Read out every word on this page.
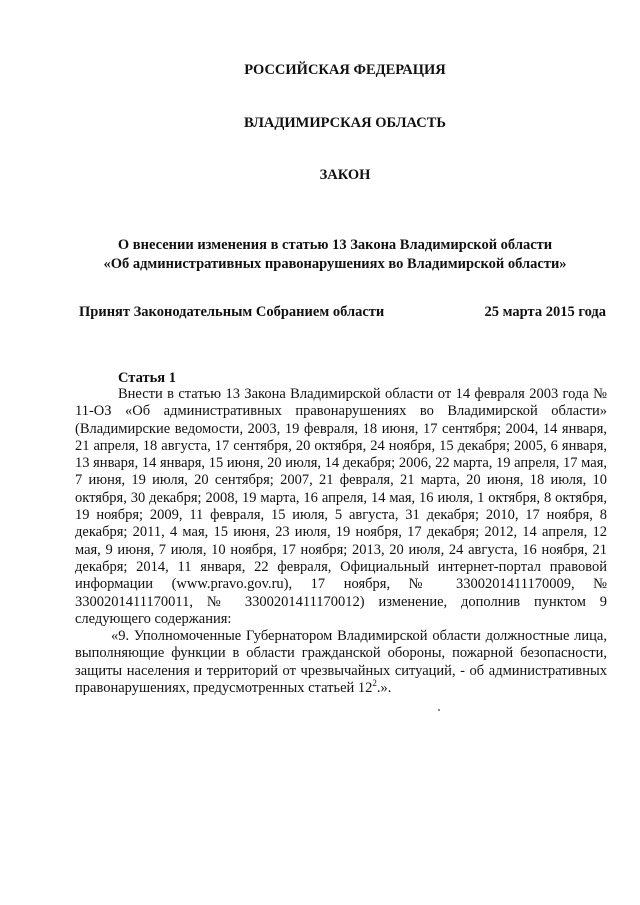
РОССИЙСКАЯ ФЕДЕРАЦИЯ
ВЛАДИМИРСКАЯ ОБЛАСТЬ
ЗАКОН
О внесении изменения в статью 13 Закона Владимирской области
«Об административных правонарушениях во Владимирской области»
Принят Законодательным Собранием области	25 марта 2015 года
Статья 1

Внести в статью 13 Закона Владимирской области от 14 февраля 2003 года № 11-ОЗ «Об административных правонарушениях во Владимирской области» (Владимирские ведомости, 2003, 19 февраля, 18 июня, 17 сентября; 2004, 14 января, 21 апреля, 18 августа, 17 сентября, 20 октября, 24 ноября, 15 декабря; 2005, 6 января, 13 января, 14 января, 15 июня, 20 июля, 14 декабря; 2006, 22 марта, 19 апреля, 17 мая, 7 июня, 19 июля, 20 сентября; 2007, 21 февраля, 21 марта, 20 июня, 18 июля, 10 октября, 30 декабря; 2008, 19 марта, 16 апреля, 14 мая, 16 июля, 1 октября, 8 октября, 19 ноября; 2009, 11 февраля, 15 июля, 5 августа, 31 декабря; 2010, 17 ноября, 8 декабря; 2011, 4 мая, 15 июня, 23 июля, 19 ноября, 17 декабря; 2012, 14 апреля, 12 мая, 9 июня, 7 июля, 10 ноября, 17 ноября; 2013, 20 июля, 24 августа, 16 ноября, 21 декабря; 2014, 11 января, 22 февраля, Официальный интернет-портал правовой информации (www.pravo.gov.ru), 17 ноября, № 3300201411170009, № 3300201411170011, № 3300201411170012) изменение, дополнив пунктом 9 следующего содержания:

«9. Уполномоченные Губернатором Владимирской области должностные лица, выполняющие функции в области гражданской обороны, пожарной безопасности, защиты населения и территорий от чрезвычайных ситуаций, - об административных правонарушениях, предусмотренных статьей $12^2$.».
